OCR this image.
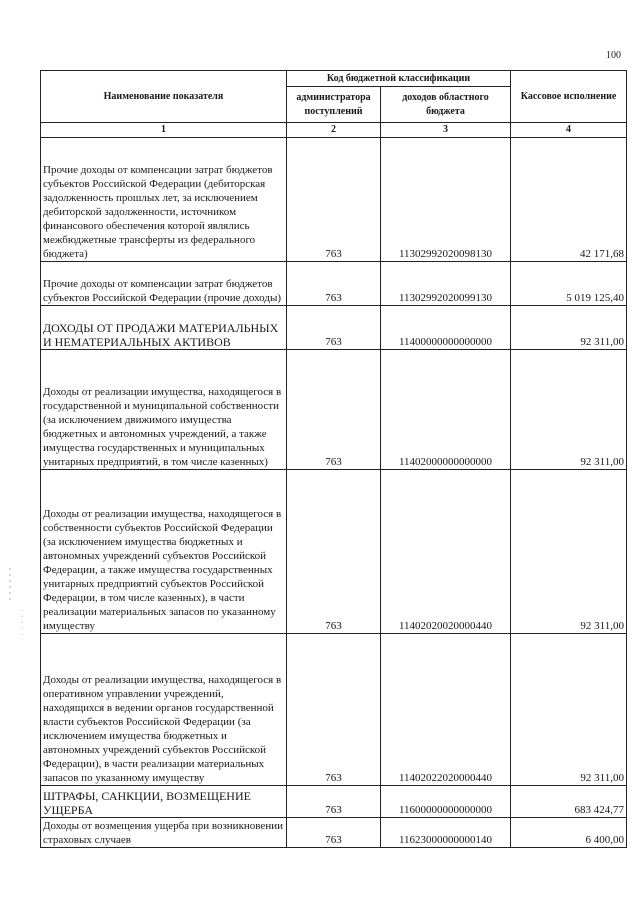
100
Наименование показателя	Код бюджетной классификации		Кассовое исполнение
	администратора поступлений	доходов областного бюджета	
1	2	3	4
Прочие доходы от компенсации затрат бюджетов субъектов Российской Федерации (дебиторская задолженность прошлых лет, за исключением дебиторской задолженности, источником финансового обеспечения которой являлись межбюджетные трансферты из федерального бюджета)	763	11302992020098130	42 171,68
Прочие доходы от компенсации затрат бюджетов субъектов Российской Федерации (прочие доходы)	763	11302992020099130	5 019 125,40
ДОХОДЫ ОТ ПРОДАЖИ МАТЕРИАЛЬНЫХ И НЕМАТЕРИАЛЬНЫХ АКТИВОВ	763	11400000000000000	92 311,00
Доходы от реализации имущества, находящегося в государственной и муниципальной собственности (за исключением движимого имущества бюджетных и автономных учреждений, а также имущества государственных и муниципальных унитарных предприятий, в том числе казенных)	763	11402000000000000	92 311,00
Доходы от реализации имущества, находящегося в собственности субъектов Российской Федерации (за исключением имущества бюджетных и автономных учреждений субъектов Российской Федерации, а также имущества государственных унитарных предприятий субъектов Российской Федерации, в том числе казенных), в части реализации материальных запасов по указанному имуществу	763	11402020020000440	92 311,00
Доходы от реализации имущества, находящегося в оперативном управлении учреждений, находящихся в ведении органов государственной власти субъектов Российской Федерации (за исключением имущества бюджетных и автономных учреждений субъектов Российской Федерации), в части реализации материальных запасов по указанному имуществу	763	11402022020000440	92 311,00
ШТРАФЫ, САНКЦИИ, ВОЗМЕЩЕНИЕ УЩЕРБА	763	11600000000000000	683 424,77
Доходы от возмещения ущерба при возникновении страховых случаев	763	11623000000000140	6 400,00
